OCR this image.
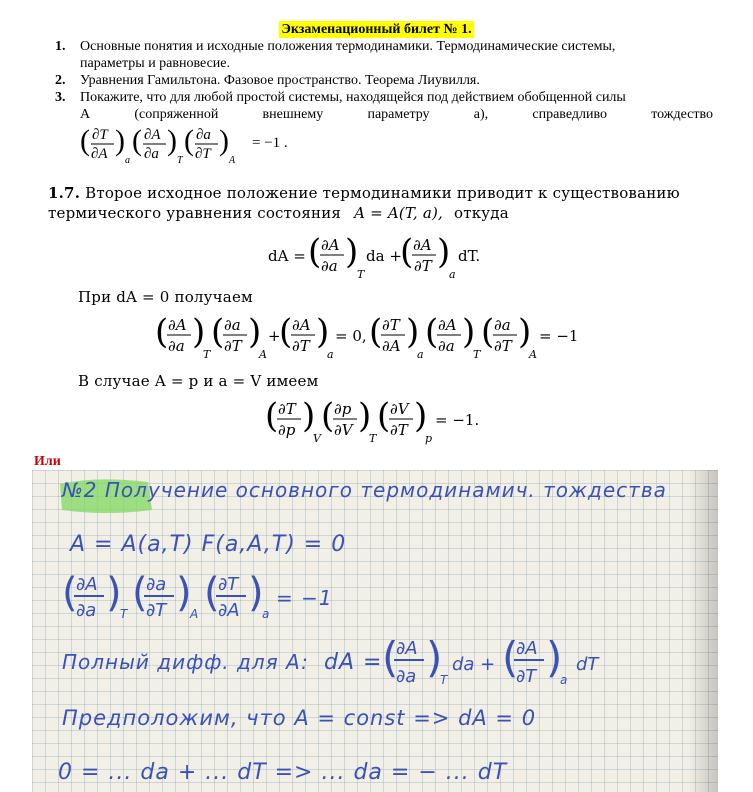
Экзаменационный билет № 1.
1. Основные понятия и исходные положения термодинамики. Термодинамические системы,
параметры и равновесие.
2. Уравнения Гамильтона. Фазовое пространство. Теорема Лиувилля.
3. Покажите, что для любой простой системы, находящейся под действием обобщенной силы
А (сопряженной внешнему параметру а), справедливо тождество
( ∂T
∂A )
a
( ∂A
∂a )
T
( ∂a
∂T )
A
= −1 .

1.7. Второе исходное положение термодинамики приводит к существованию

термического уравнения состояния A = A(T, a), откуда

dA = ( ∂A
∂a )
T
da +
( ∂A
∂T )
a
dT.

При dA = 0 получаем

( ∂A
∂a )
T
( ∂a
∂T )
A
+
( ∂A
∂T )
a
= 0, ( ∂T
∂A )
a
( ∂A
∂a )
T
( ∂a
∂T )
A
= −1

В случае A = p и a = V имеем

( ∂T
∂p )
V
( ∂p
∂V )
T
( ∂V
∂T )
p
= −1.
Или
№2 Получение основного термодинамич. тождества
A = A(a,T) F(a,A,T) = 0
(
∂A
∂a )
T (
∂a
∂T )
A (
∂T
∂A )
a
= −1
Полный дифф. для A: dA = (
∂A
∂a )
T
da + (
∂A
∂T )
a
dT
Предположим, что A = const => dA = 0
0 = ... da + ... dT => ... da = − ... dT
